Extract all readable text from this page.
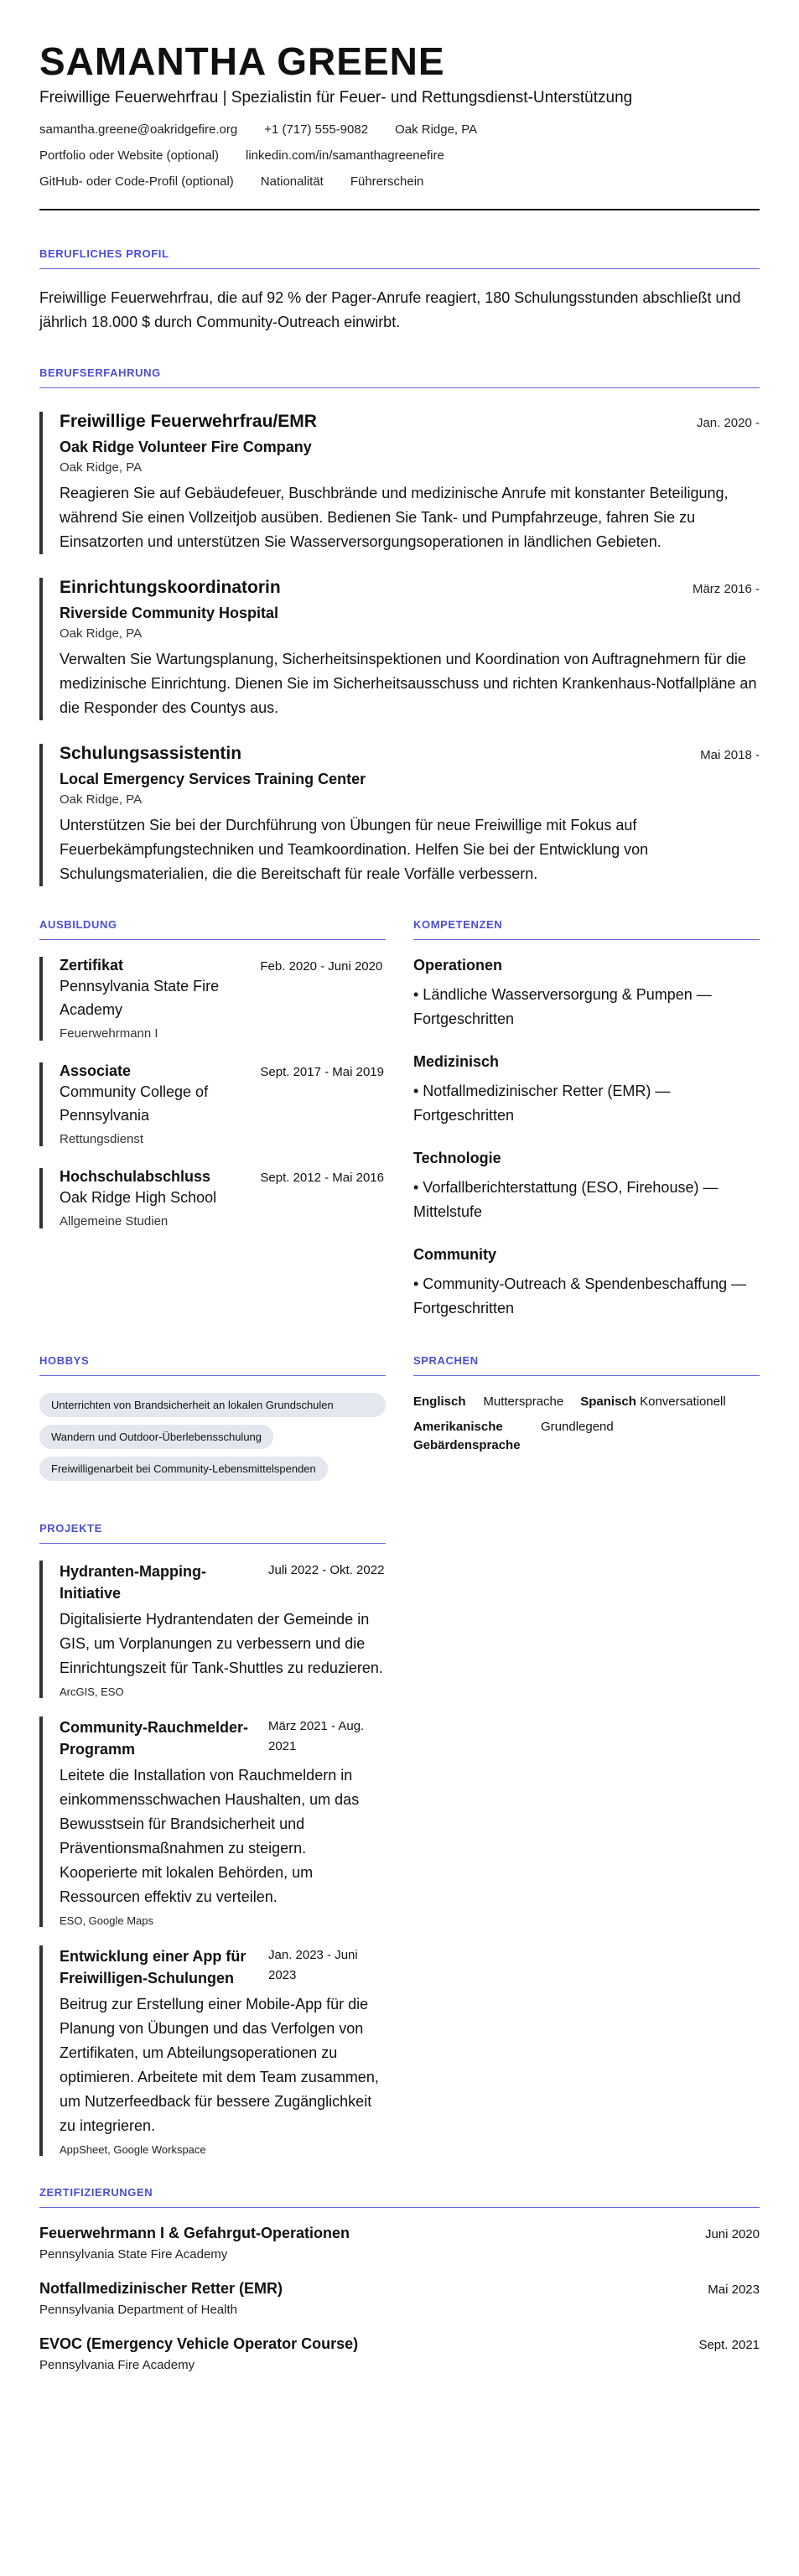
SAMANTHA GREENE
Freiwillige Feuerwehrfrau | Spezialistin für Feuer- und Rettungsdienst-Unterstützung
samantha.greene@oakridgefire.org +1 (717) 555-9082 Oak Ridge, PA
Portfolio oder Website (optional) linkedin.com/in/samanthagreenefire
GitHub- oder Code-Profil (optional) Nationalität Führerschein
BERUFLICHES PROFIL
Freiwillige Feuerwehrfrau, die auf 92 % der Pager-Anrufe reagiert, 180 Schulungsstunden abschließt und jährlich 18.000 $ durch Community-Outreach einwirbt.
BERUFSERFAHRUNG
Freiwillige Feuerwehrfrau/EMR	Jan. 2020 -
Oak Ridge Volunteer Fire Company
Oak Ridge, PA
Reagieren Sie auf Gebäudefeuer, Buschbrände und medizinische Anrufe mit konstanter Beteiligung, während Sie einen Vollzeitjob ausüben. Bedienen Sie Tank- und Pumpfahrzeuge, fahren Sie zu Einsatzorten und unterstützen Sie Wasserversorgungsoperationen in ländlichen Gebieten.
Einrichtungskoordinatorin	März 2016 -
Riverside Community Hospital
Oak Ridge, PA
Verwalten Sie Wartungsplanung, Sicherheitsinspektionen und Koordination von Auftragnehmern für die medizinische Einrichtung. Dienen Sie im Sicherheitsausschuss und richten Krankenhaus-Notfallpläne an die Responder des Countys aus.
Schulungsassistentin	Mai 2018 -
Local Emergency Services Training Center
Oak Ridge, PA
Unterstützen Sie bei der Durchführung von Übungen für neue Freiwillige mit Fokus auf Feuerbekämpfungstechniken und Teamkoordination. Helfen Sie bei der Entwicklung von Schulungsmaterialien, die die Bereitschaft für reale Vorfälle verbessern.
AUSBILDUNG
Zertifikat
Pennsylvania State Fire Academy
Feb. 2020 - Juni 2020
Feuerwehrmann I
Associate
Community College of Pennsylvania
Sept. 2017 - Mai 2019
Rettungsdienst
Hochschulabschluss
Oak Ridge High School
Sept. 2012 - Mai 2016
Allgemeine Studien
KOMPETENZEN
Operationen
• Ländliche Wasserversorgung & Pumpen — Fortgeschritten
Medizinisch
• Notfallmedizinischer Retter (EMR) — Fortgeschritten
Technologie
• Vorfallberichterstattung (ESO, Firehouse) — Mittelstufe
Community
• Community-Outreach & Spendenbeschaffung — Fortgeschritten
HOBBYS
Unterrichten von Brandsicherheit an lokalen Grundschulen
Wandern und Outdoor-Überlebensschulung
Freiwilligenarbeit bei Community-Lebensmittelspenden
SPRACHEN
Englisch Muttersprache Spanisch Konversationell
Amerikanische Gebärdensprache
Grundlegend
PROJEKTE
Hydranten-Mapping-Initiative
Juli 2022 - Okt. 2022
Digitalisierte Hydrantendaten der Gemeinde in GIS, um Vorplanungen zu verbessern und die Einrichtungszeit für Tank-Shuttles zu reduzieren.
ArcGIS, ESO
Community-Rauchmelder-Programm
März 2021 - Aug. 2021
Leitete die Installation von Rauchmeldern in einkommensschwachen Haushalten, um das Bewusstsein für Brandsicherheit und Präventionsmaßnahmen zu steigern. Kooperierte mit lokalen Behörden, um Ressourcen effektiv zu verteilen.
ESO, Google Maps
Entwicklung einer App für Freiwilligen-Schulungen
Jan. 2023 - Juni 2023
Beitrug zur Erstellung einer Mobile-App für die Planung von Übungen und das Verfolgen von Zertifikaten, um Abteilungsoperationen zu optimieren. Arbeitete mit dem Team zusammen, um Nutzerfeedback für bessere Zugänglichkeit zu integrieren.
AppSheet, Google Workspace
ZERTIFIZIERUNGEN
Feuerwehrmann I & Gefahrgut-Operationen	Juni 2020
Pennsylvania State Fire Academy
Notfallmedizinischer Retter (EMR)	Mai 2023
Pennsylvania Department of Health
EVOC (Emergency Vehicle Operator Course)	Sept. 2021
Pennsylvania Fire Academy
